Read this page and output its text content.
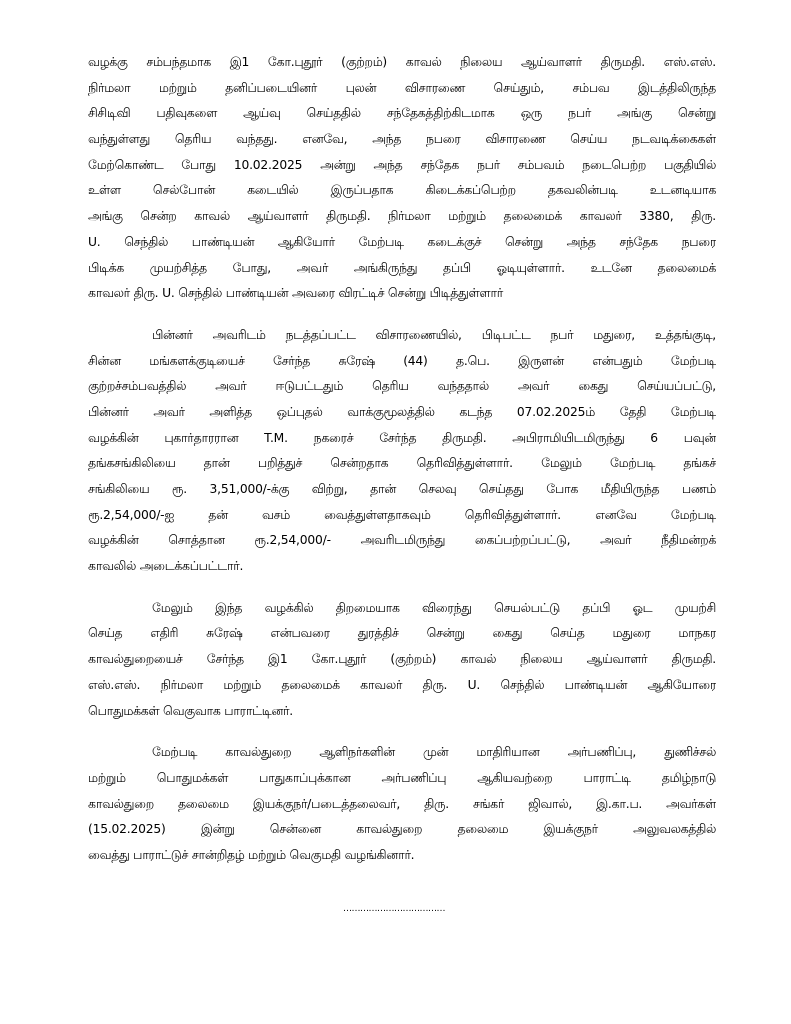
வழக்கு சம்பந்தமாக இ1 கோ.புதூர் (குற்றம்) காவல் நிலைய ஆய்வாளர் திருமதி. எஸ்.எஸ்.
நிர்மலா மற்றும் தனிப்படையினர் புலன் விசாரணை செய்தும், சம்பவ இடத்திலிருந்த
சிசிடிவி பதிவுகளை ஆய்வு செய்ததில் சந்தேகத்திற்கிடமாக ஒரு நபர் அங்கு சென்று
வந்துள்ளது தெரிய வந்தது. எனவே, அந்த நபரை விசாரணை செய்ய நடவடிக்கைகள்
மேற்கொண்ட போது 10.02.2025 அன்று அந்த சந்தேக நபர் சம்பவம் நடைபெற்ற பகுதியில்
உள்ள செல்போன் கடையில் இருப்பதாக கிடைக்கப்பெற்ற தகவலின்படி உடனடியாக
அங்கு சென்ற காவல் ஆய்வாளர் திருமதி. நிர்மலா மற்றும் தலைமைக் காவலர் 3380, திரு.
U. செந்தில் பாண்டியன் ஆகியோர் மேற்படி கடைக்குச் சென்று அந்த சந்தேக நபரை
பிடிக்க முயற்சித்த போது, அவர் அங்கிருந்து தப்பி ஓடியுள்ளார். உடனே தலைமைக்
காவலர் திரு. U. செந்தில் பாண்டியன் அவரை விரட்டிச் சென்று பிடித்துள்ளார்
பின்னர் அவரிடம் நடத்தப்பட்ட விசாரணையில், பிடிபட்ட நபர் மதுரை, உத்தங்குடி,
சின்ன மங்களக்குடியைச் சேர்ந்த சுரேஷ் (44) த.பெ. இருளன் என்பதும் மேற்படி
குற்றச்சம்பவத்தில் அவர் ஈடுபட்டதும் தெரிய வந்ததால் அவர் கைது செய்யப்பட்டு,
பின்னர் அவர் அளித்த ஒப்புதல் வாக்குமூலத்தில் கடந்த 07.02.2025ம் தேதி மேற்படி
வழக்கின் புகார்தாரரான T.M. நகரைச் சேர்ந்த திருமதி. அபிராமியிடமிருந்து 6 பவுன்
தங்கசங்கிலியை தான் பறித்துச் சென்றதாக தெரிவித்துள்ளார். மேலும் மேற்படி தங்கச்
சங்கிலியை ரூ. 3,51,000/-க்கு விற்று, தான் செலவு செய்தது போக மீதியிருந்த பணம்
ரூ.2,54,000/-ஐ தன் வசம் வைத்துள்ளதாகவும் தெரிவித்துள்ளார். எனவே மேற்படி
வழக்கின் சொத்தான ரூ.2,54,000/- அவரிடமிருந்து கைப்பற்றப்பட்டு, அவர் நீதிமன்றக்
காவலில் அடைக்கப்பட்டார்.
மேலும் இந்த வழக்கில் திறமையாக விரைந்து செயல்பட்டு தப்பி ஓட முயற்சி
செய்த எதிரி சுரேஷ் என்பவரை துரத்திச் சென்று கைது செய்த மதுரை மாநகர
காவல்துறையைச் சேர்ந்த இ1 கோ.புதூர் (குற்றம்) காவல் நிலைய ஆய்வாளர் திருமதி.
எஸ்.எஸ். நிர்மலா மற்றும் தலைமைக் காவலர் திரு. U. செந்தில் பாண்டியன் ஆகியோரை
பொதுமக்கள் வெகுவாக பாராட்டினர்.
மேற்படி காவல்துறை ஆளிநர்களின் முன் மாதிரியான அர்பணிப்பு, துணிச்சல்
மற்றும் பொதுமக்கள் பாதுகாப்புக்கான அர்பணிப்பு ஆகியவற்றை பாராட்டி தமிழ்நாடு
காவல்துறை தலைமை இயக்குநர்/படைத்தலைவர், திரு. சங்கர் ஜிவால், இ.கா.ப. அவர்கள்
(15.02.2025) இன்று சென்னை காவல்துறை தலைமை இயக்குநர் அலுவலகத்தில்
வைத்து பாராட்டுச் சான்றிதழ் மற்றும் வெகுமதி வழங்கினார்.
………………………………
